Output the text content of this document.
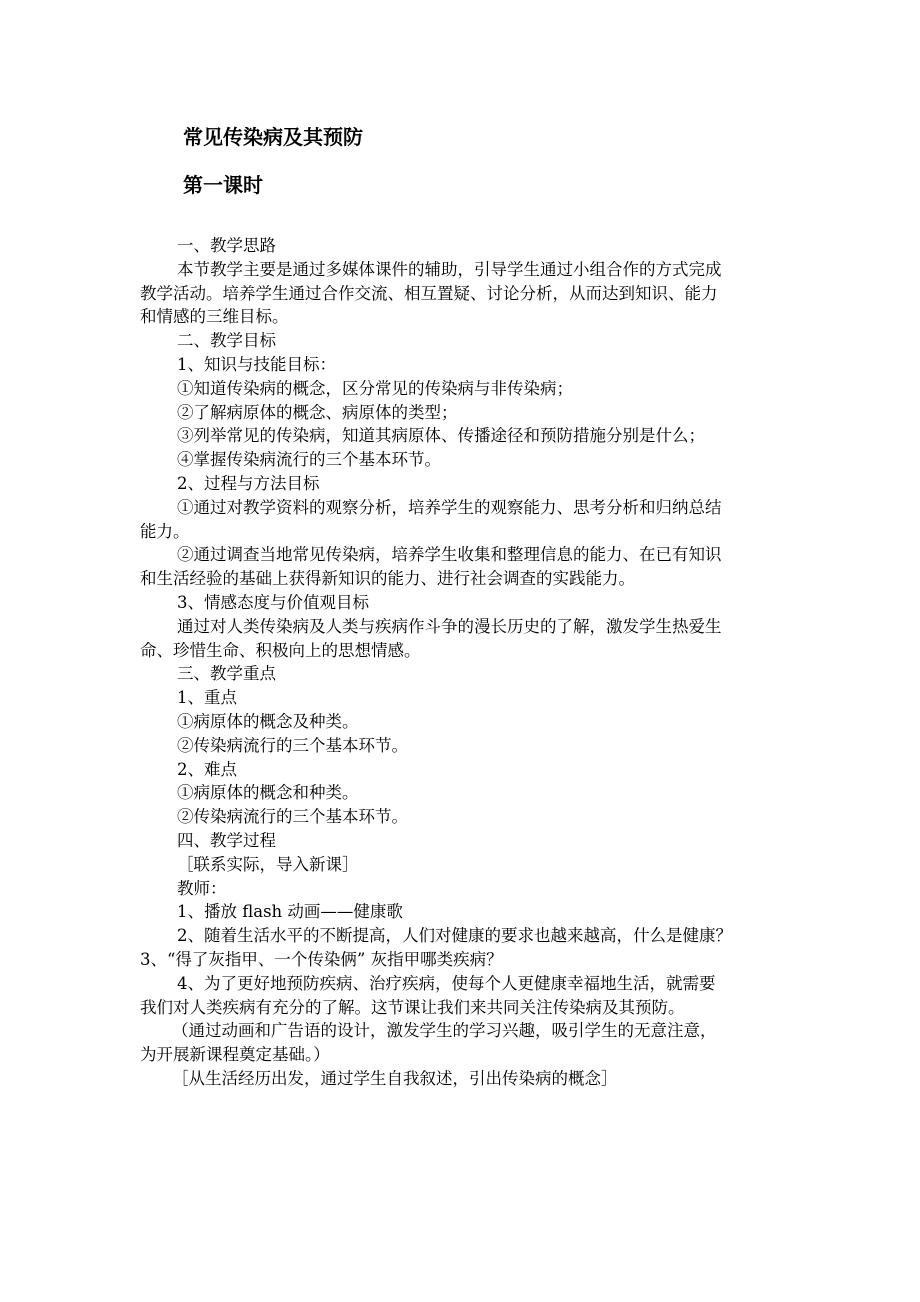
常见传染病及其预防
第一课时
一、教学思路
本节教学主要是通过多媒体课件的辅助，引导学生通过小组合作的方式完成
教学活动。培养学生通过合作交流、相互置疑、讨论分析，从而达到知识、能力
和情感的三维目标。
二、教学目标
1、知识与技能目标：
①知道传染病的概念，区分常见的传染病与非传染病；
②了解病原体的概念、病原体的类型；
③列举常见的传染病，知道其病原体、传播途径和预防措施分别是什么；
④掌握传染病流行的三个基本环节。
2、过程与方法目标
①通过对教学资料的观察分析，培养学生的观察能力、思考分析和归纳总结
能力。
②通过调查当地常见传染病，培养学生收集和整理信息的能力、在已有知识
和生活经验的基础上获得新知识的能力、进行社会调查的实践能力。
3、情感态度与价值观目标
通过对人类传染病及人类与疾病作斗争的漫长历史的了解，激发学生热爱生
命、珍惜生命、积极向上的思想情感。
三、教学重点
1、重点
①病原体的概念及种类。
②传染病流行的三个基本环节。
2、难点
①病原体的概念和种类。
②传染病流行的三个基本环节。
四、教学过程
［联系实际，导入新课］
教师：
1、播放 flash 动画——健康歌
2、随着生活水平的不断提高，人们对健康的要求也越来越高，什么是健康？
3、“得了灰指甲、一个传染俩” 灰指甲哪类疾病？
4、为了更好地预防疾病、治疗疾病，使每个人更健康幸福地生活，就需要
我们对人类疾病有充分的了解。这节课让我们来共同关注传染病及其预防。
（通过动画和广告语的设计，激发学生的学习兴趣，吸引学生的无意注意，
为开展新课程奠定基础。）
［从生活经历出发，通过学生自我叙述，引出传染病的概念］
